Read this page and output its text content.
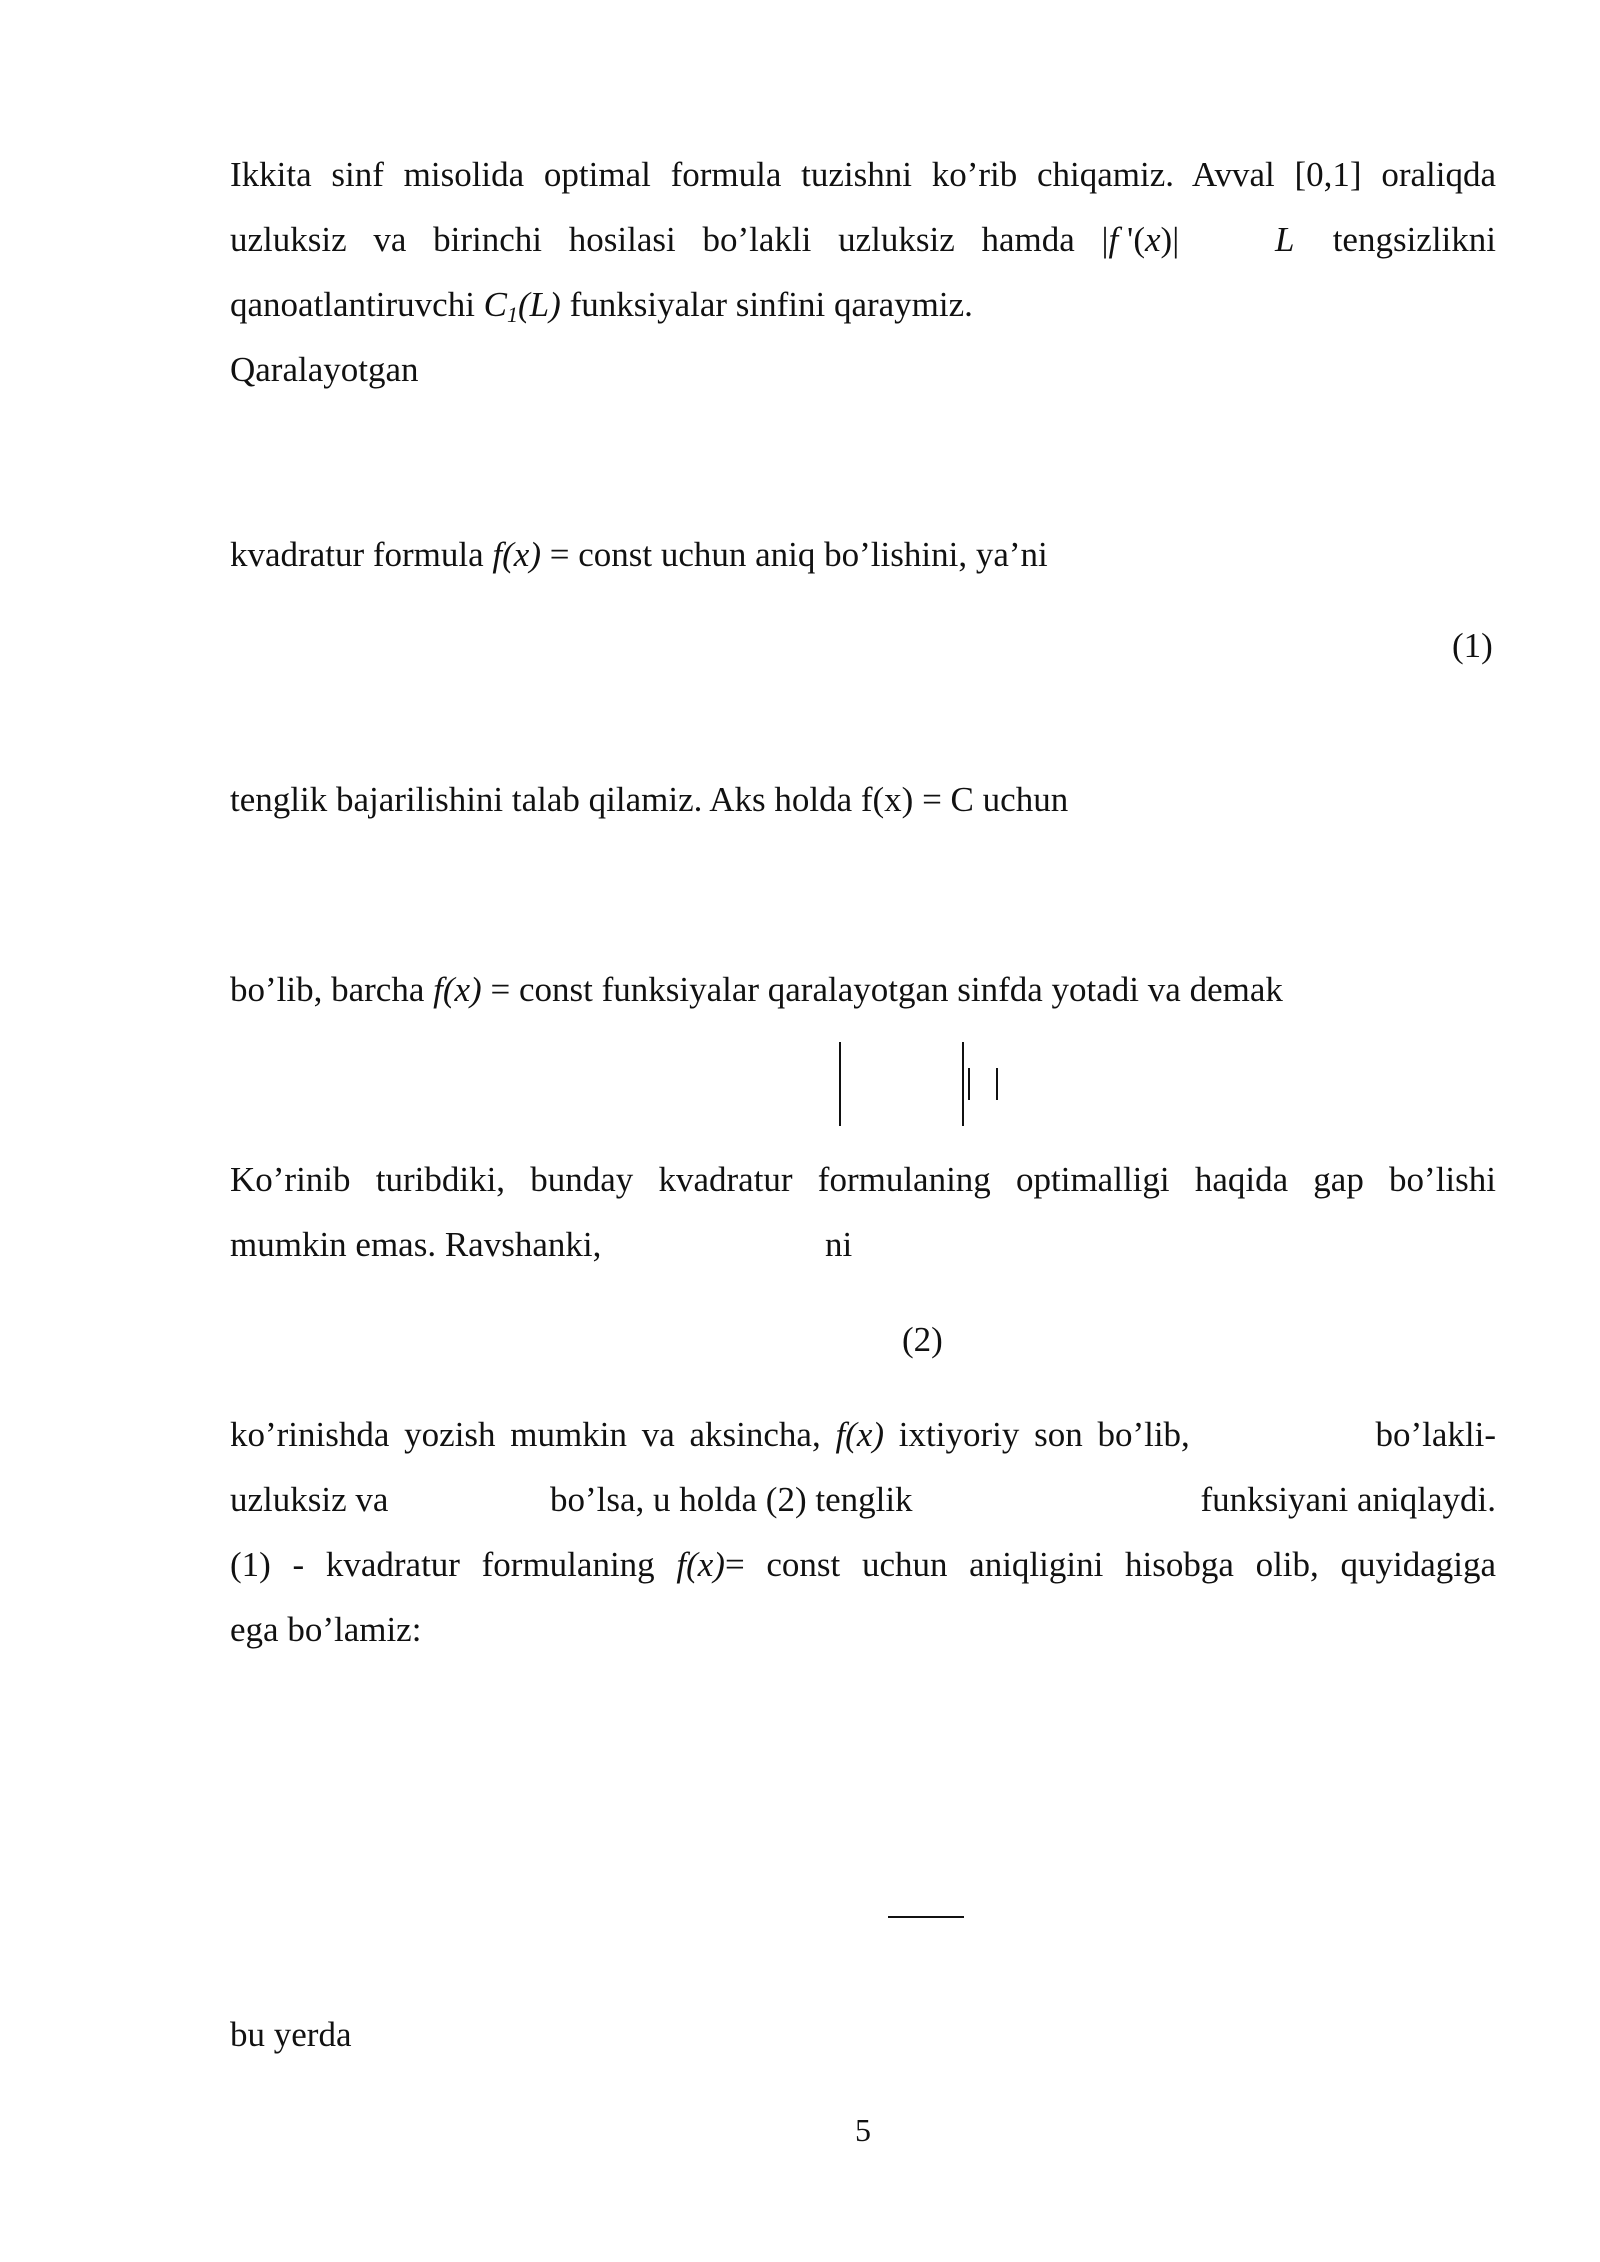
Ikkita sinf misolida optimal formula tuzishni ko’rib chiqamiz. Avval [0,1] oraliqda
uzluksiz va birinchi hosilasi bo’lakli uzluksiz hamda |f '(x)|	L tengsizlikni
qanoatlantiruvchi $C_1(L)$ funksiyalar sinfini qaraymiz.
Qaralayotgan
kvadratur formula f(x) = const uchun aniq bo’lishini, ya’ni
(1)
tenglik bajarilishini talab qilamiz. Aks holda f(x) = C uchun
bo’lib, barcha f(x) = const funksiyalar qaralayotgan sinfda yotadi va demak
Ko’rinib turibdiki, bunday kvadratur formulaning optimalligi haqida gap bo’lishi
mumkin emas. Ravshanki,	ni
(2)
ko’rinishda yozish mumkin va aksincha, f(x) ixtiyoriy son bo’lib,	bo’lakli-
uzluksiz va	bo’lsa, u holda (2) tenglik	funksiyani aniqlaydi.
(1) - kvadratur formulaning f(x)= const uchun aniqligini hisobga olib, quyidagiga
ega bo’lamiz:
bu yerda
5
